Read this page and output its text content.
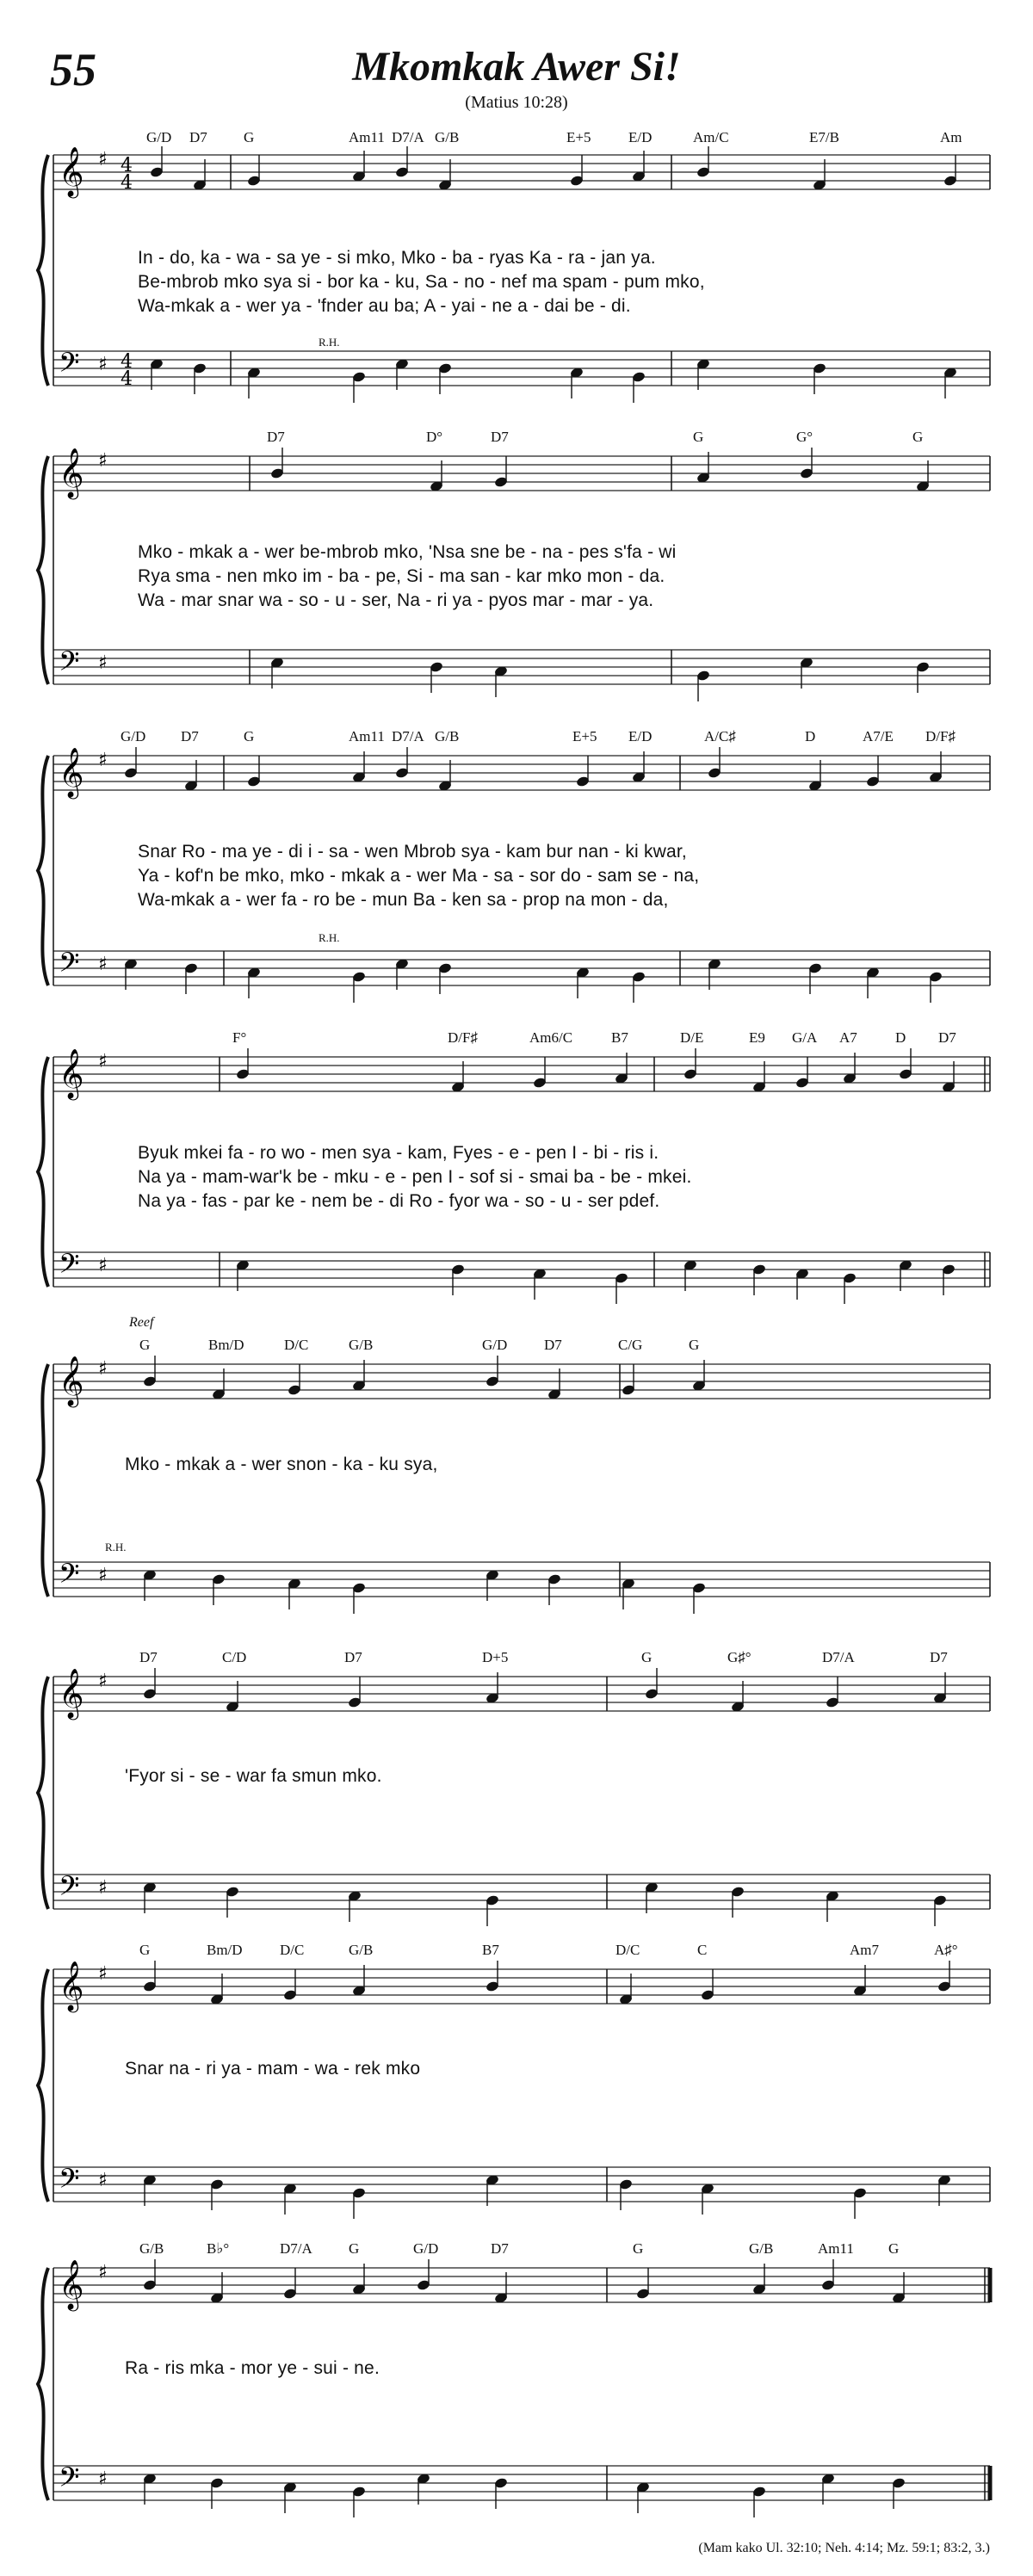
55	Mkomkak Awer Si!
(Matius 10:28)
𝄞
𝄢
♯
♯
4
4
4
4
𝄞
𝄢
♯
♯
𝄞
𝄢
♯
♯
𝄞
𝄢
♯
♯
𝄞
𝄢
♯
♯
𝄞
𝄢
♯
♯
𝄞
𝄢
♯
♯
𝄞
𝄢
♯
♯
G/D D7 G	Am11 D7/A G/B	E+5	E/D	Am/C	E7/B	Am
In - do, ka - wa - sa ye - si mko, Mko - ba - ryas Ka - ra - jan ya.
Be-mbrob mko sya si - bor ka - ku, Sa - no - nef ma spam - pum mko,
Wa-mkak a - wer ya - 'fnder au ba; A - yai - ne a - dai be - di.
D7	D°	D7	G	G°	G
Mko - mkak a - wer be-mbrob mko, 'Nsa sne be - na - pes s'fa - wi
Rya sma - nen mko im - ba - pe, Si - ma san - kar mko mon - da.
Wa - mar snar wa - so - u - ser, Na - ri ya - pyos mar - mar - ya.
G/D D7	G	Am11 D7/A G/B	E+5 E/D	A/C♯	D	A7/E D/F♯
Snar Ro - ma ye - di i - sa - wen Mbrob sya - kam bur nan - ki kwar,
Ya - kof'n be mko, mko - mkak a - wer Ma - sa - sor do - sam se - na,
Wa-mkak a - wer fa - ro be - mun Ba - ken sa - prop na mon - da,
F°	D/F♯	Am6/C	B7	D/E	E9 G/A A7	D D7
Byuk mkei fa - ro wo - men sya - kam, Fyes - e - pen I - bi - ris i.
Na ya - mam-war'k be - mku - e - pen I - sof si - smai ba - be - mkei.
Na ya - fas - par ke - nem be - di Ro - fyor wa - so - u - ser pdef.
G	Bm/D	D/C	G/B	G/D	D7	C/G	G
Mko - mkak a - wer snon - ka - ku sya,
D7	C/D	D7	D+5	G	G♯°	D7/A	D7
'Fyor si - se - war fa smun mko.
G	Bm/D	D/C	G/B	B7	D/C	C	Am7	A♯°
Snar na - ri ya - mam - wa - rek mko
G/B	B♭°	D7/A G	G/D	D7	G	G/B	Am11 G
Ra - ris mka - mor ye - sui - ne.
Reef
R.H.
R.H.
R.H.
(Mam kako Ul. 32:10; Neh. 4:14; Mz. 59:1; 83:2, 3.)
